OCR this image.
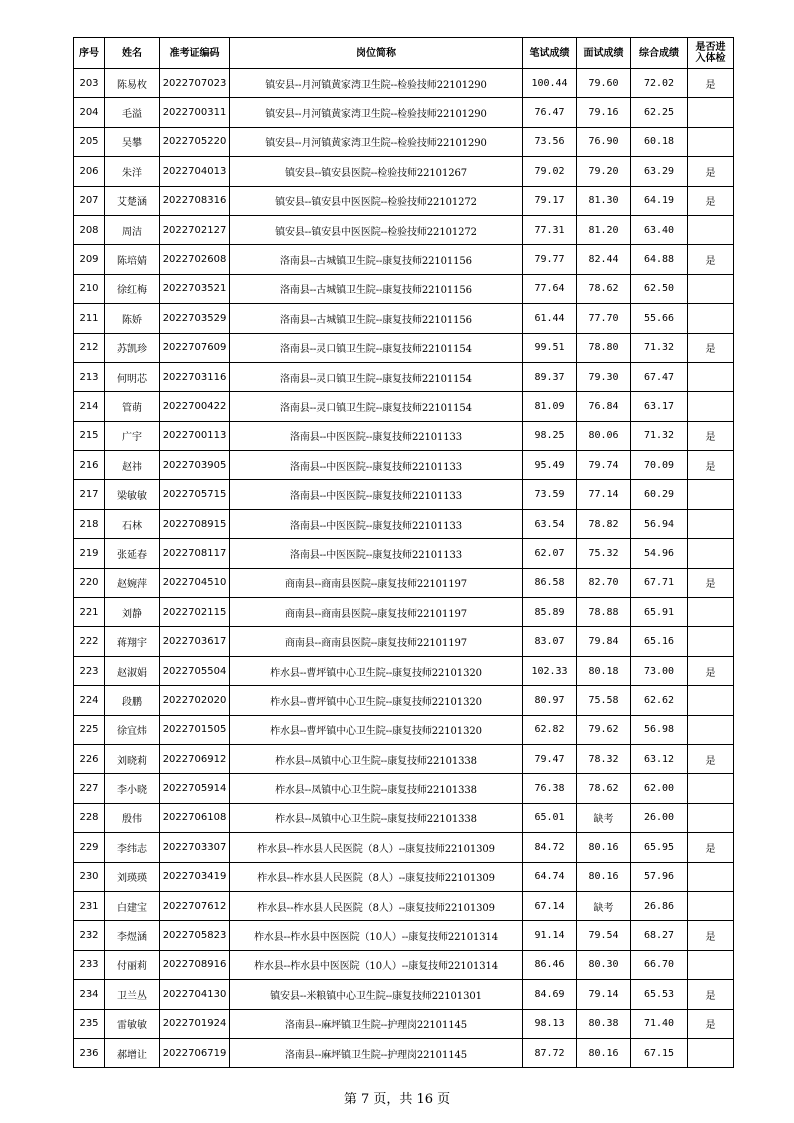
序号	姓名	准考证编码	岗位简称	笔试成绩	面试成绩	综合成绩	是否进
入体检
203	陈易枚	2022707023	镇安县--月河镇黄家湾卫生院--检验技师22101290	100.44	79.60	72.02	是
204	毛溢	2022700311	镇安县--月河镇黄家湾卫生院--检验技师22101290	76.47	79.16	62.25	
205	吴攀	2022705220	镇安县--月河镇黄家湾卫生院--检验技师22101290	73.56	76.90	60.18	
206	朱洋	2022704013	镇安县--镇安县医院--检验技师22101267	79.02	79.20	63.29	是
207	艾楚涵	2022708316	镇安县--镇安县中医医院--检验技师22101272	79.17	81.30	64.19	是
208	周洁	2022702127	镇安县--镇安县中医医院--检验技师22101272	77.31	81.20	63.40	
209	陈培婧	2022702608	洛南县--古城镇卫生院--康复技师22101156	79.77	82.44	64.88	是
210	徐红梅	2022703521	洛南县--古城镇卫生院--康复技师22101156	77.64	78.62	62.50	
211	陈娇	2022703529	洛南县--古城镇卫生院--康复技师22101156	61.44	77.70	55.66	
212	苏凯珍	2022707609	洛南县--灵口镇卫生院--康复技师22101154	99.51	78.80	71.32	是
213	何明芯	2022703116	洛南县--灵口镇卫生院--康复技师22101154	89.37	79.30	67.47	
214	管萌	2022700422	洛南县--灵口镇卫生院--康复技师22101154	81.09	76.84	63.17	
215	广宇	2022700113	洛南县--中医医院--康复技师22101133	98.25	80.06	71.32	是
216	赵祎	2022703905	洛南县--中医医院--康复技师22101133	95.49	79.74	70.09	是
217	梁敏敏	2022705715	洛南县--中医医院--康复技师22101133	73.59	77.14	60.29	
218	石林	2022708915	洛南县--中医医院--康复技师22101133	63.54	78.82	56.94	
219	张延春	2022708117	洛南县--中医医院--康复技师22101133	62.07	75.32	54.96	
220	赵婉萍	2022704510	商南县--商南县医院--康复技师22101197	86.58	82.70	67.71	是
221	刘静	2022702115	商南县--商南县医院--康复技师22101197	85.89	78.88	65.91	
222	蒋翔宇	2022703617	商南县--商南县医院--康复技师22101197	83.07	79.84	65.16	
223	赵淑娟	2022705504	柞水县--曹坪镇中心卫生院--康复技师22101320	102.33	80.18	73.00	是
224	段鹏	2022702020	柞水县--曹坪镇中心卫生院--康复技师22101320	80.97	75.58	62.62	
225	徐宜炜	2022701505	柞水县--曹坪镇中心卫生院--康复技师22101320	62.82	79.62	56.98	
226	刘晓莉	2022706912	柞水县--凤镇中心卫生院--康复技师22101338	79.47	78.32	63.12	是
227	李小晓	2022705914	柞水县--凤镇中心卫生院--康复技师22101338	76.38	78.62	62.00	
228	殷伟	2022706108	柞水县--凤镇中心卫生院--康复技师22101338	65.01	缺考	26.00	
229	李纬志	2022703307	柞水县--柞水县人民医院（8人）--康复技师22101309	84.72	80.16	65.95	是
230	刘瑛瑛	2022703419	柞水县--柞水县人民医院（8人）--康复技师22101309	64.74	80.16	57.96	
231	白建宝	2022707612	柞水县--柞水县人民医院（8人）--康复技师22101309	67.14	缺考	26.86	
232	李煜涵	2022705823	柞水县--柞水县中医医院（10人）--康复技师22101314	91.14	79.54	68.27	是
233	付丽莉	2022708916	柞水县--柞水县中医医院（10人）--康复技师22101314	86.46	80.30	66.70	
234	卫兰丛	2022704130	镇安县--米粮镇中心卫生院--康复技师22101301	84.69	79.14	65.53	是
235	雷敏敏	2022701924	洛南县--麻坪镇卫生院--护理岗22101145	98.13	80.38	71.40	是
236	郝增让	2022706719	洛南县--麻坪镇卫生院--护理岗22101145	87.72	80.16	67.15	
第 7 页，共 16 页
